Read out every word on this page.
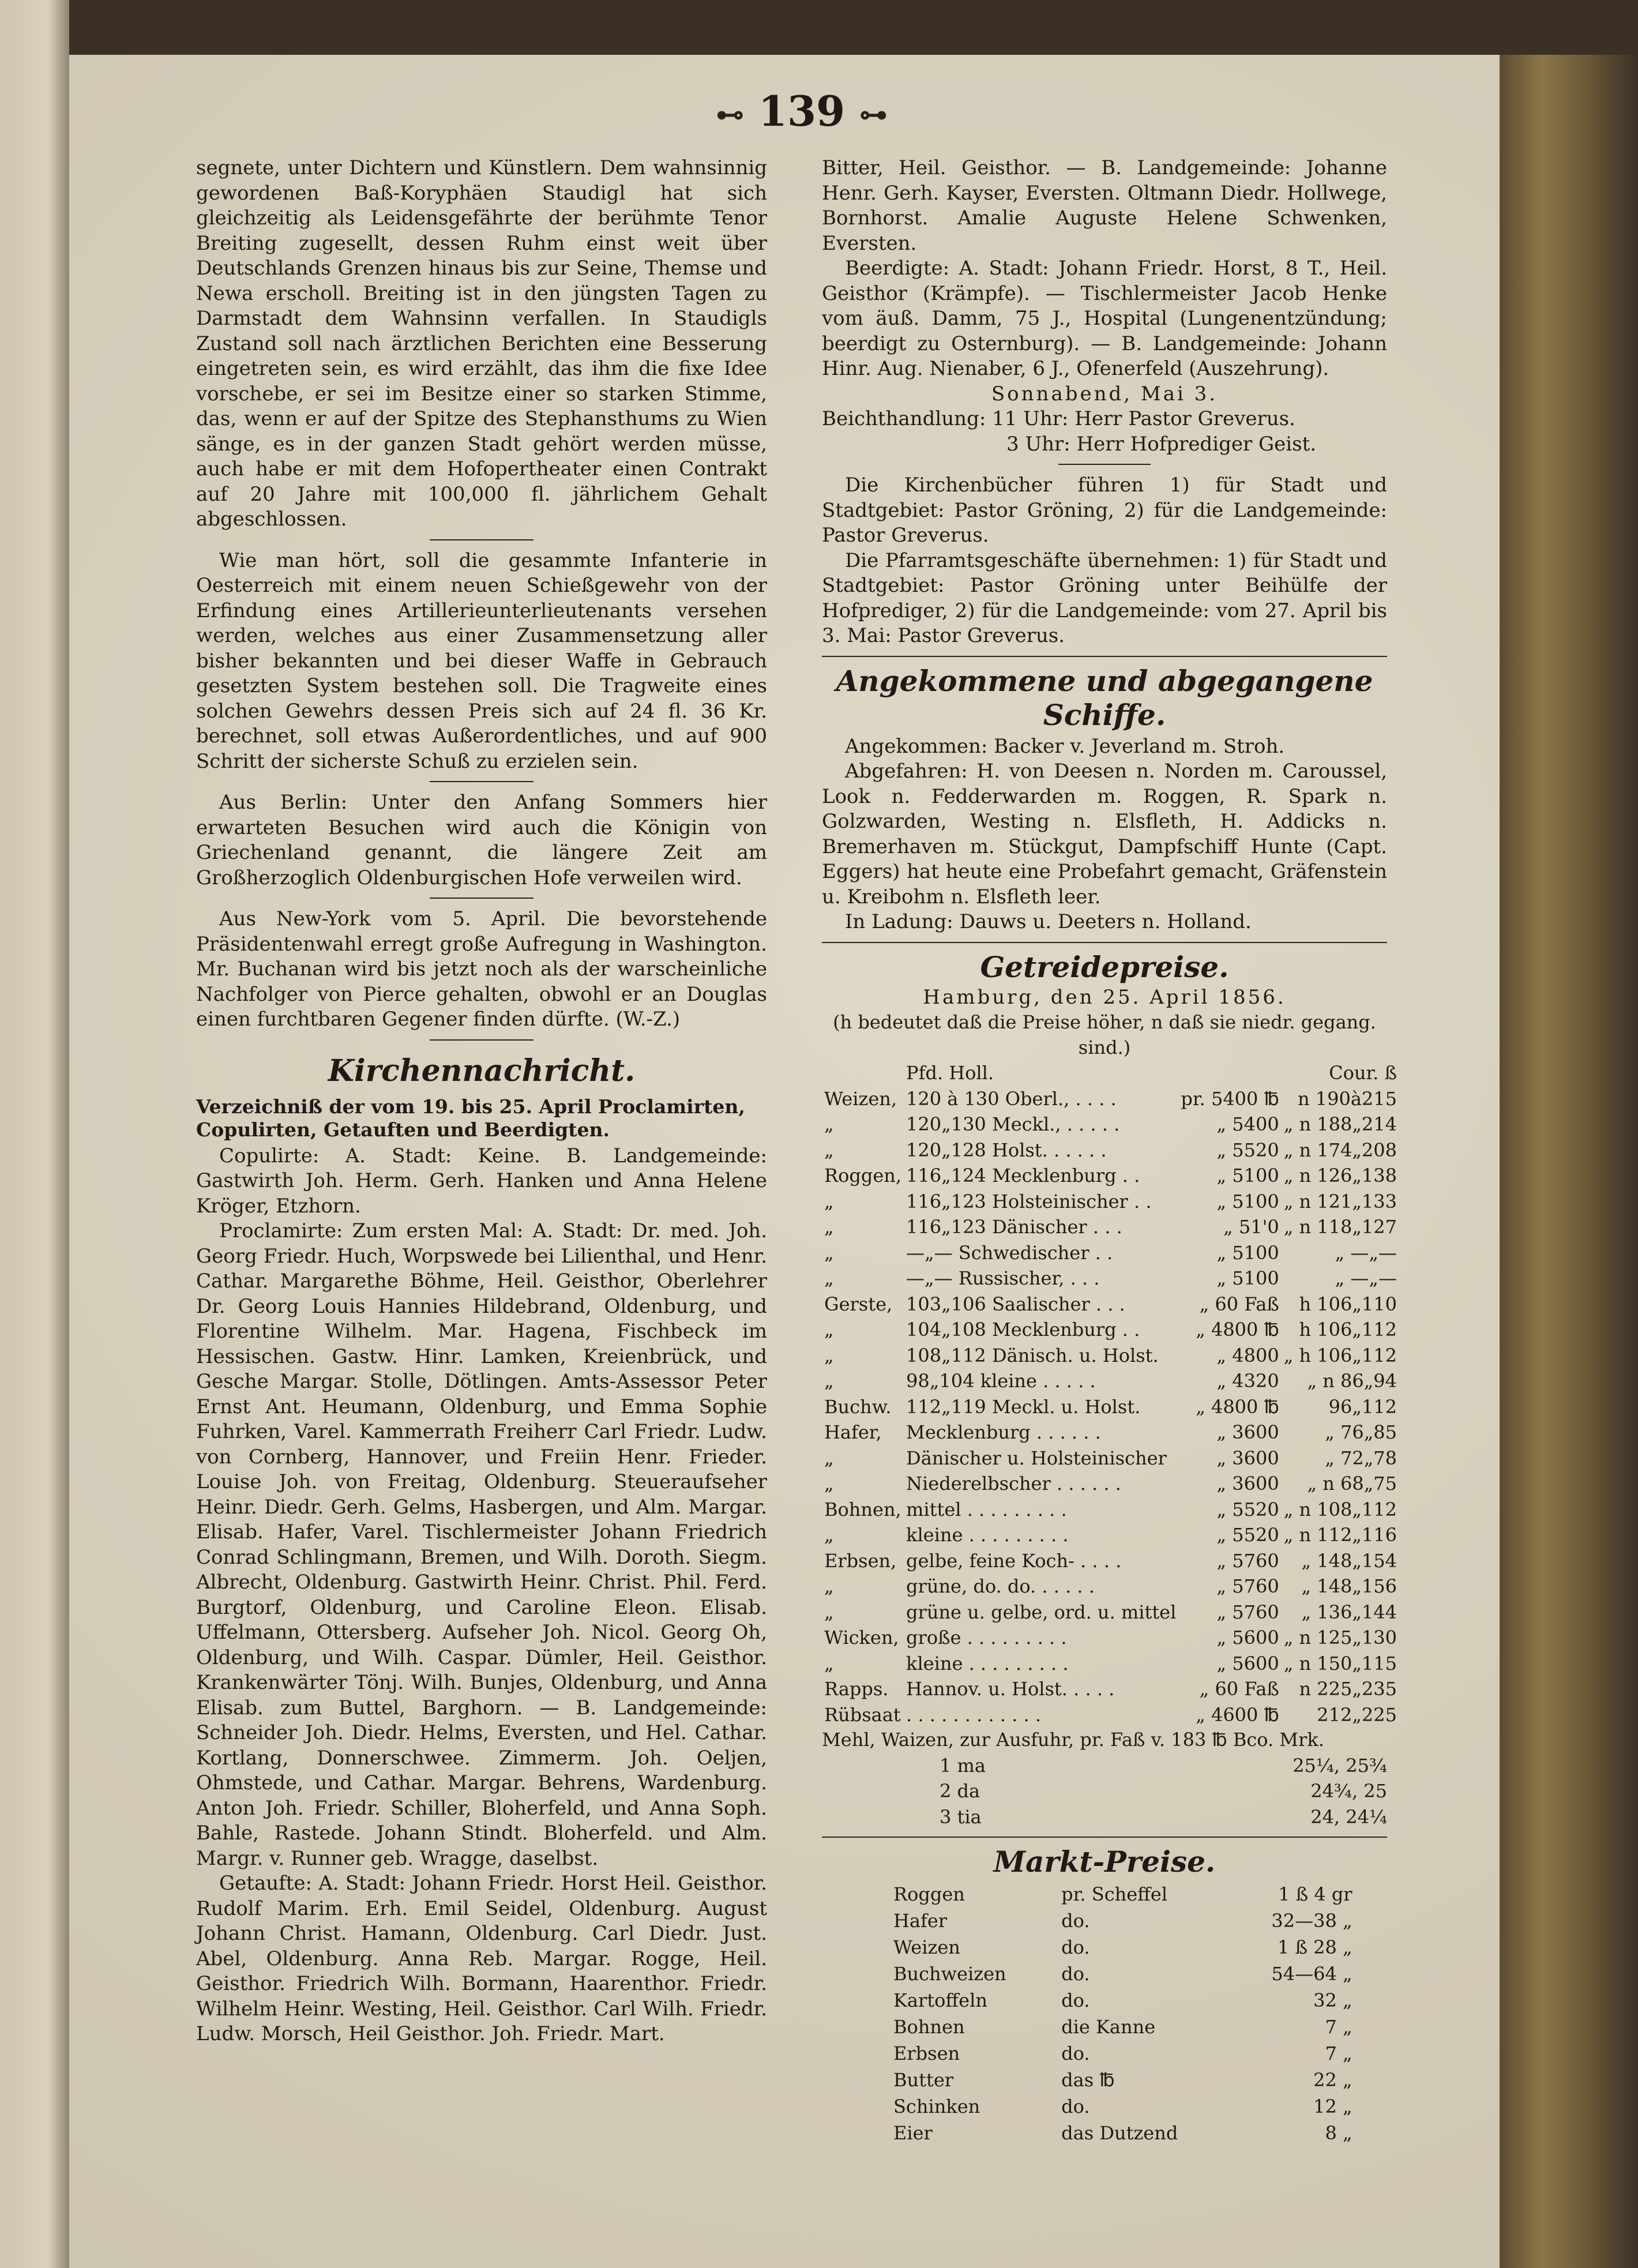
⊷ 139 ⊶

segnete, unter Dichtern und Künstlern. Dem wahnsinnig gewordenen Baß-Koryphäen Staudigl hat sich gleichzeitig als Leidensgefährte der berühmte Tenor Breiting zugesellt, dessen Ruhm einst weit über Deutschlands Grenzen hinaus bis zur Seine, Themse und Newa erscholl. Breiting ist in den jüngsten Tagen zu Darmstadt dem Wahnsinn verfallen. In Staudigls Zustand soll nach ärztlichen Berichten eine Besserung eingetreten sein, es wird erzählt, das ihm die fixe Idee vorschebe, er sei im Besitze einer so starken Stimme, das, wenn er auf der Spitze des Stephansthums zu Wien sänge, es in der ganzen Stadt gehört werden müsse, auch habe er mit dem Hofopertheater einen Contrakt auf 20 Jahre mit 100,000 fl. jährlichem Gehalt abgeschlossen.

Wie man hört, soll die gesammte Infanterie in Oesterreich mit einem neuen Schießgewehr von der Erfindung eines Artillerieunterlieutenants versehen werden, welches aus einer Zusammensetzung aller bisher bekannten und bei dieser Waffe in Gebrauch gesetzten System bestehen soll. Die Tragweite eines solchen Gewehrs dessen Preis sich auf 24 fl. 36 Kr. berechnet, soll etwas Außerordentliches, und auf 900 Schritt der sicherste Schuß zu erzielen sein.

Aus Berlin: Unter den Anfang Sommers hier erwarteten Besuchen wird auch die Königin von Griechenland genannt, die längere Zeit am Großherzoglich Oldenburgischen Hofe verweilen wird.

Aus New-York vom 5. April. Die bevorstehende Präsidentenwahl erregt große Aufregung in Washington. Mr. Buchanan wird bis jetzt noch als der warscheinliche Nachfolger von Pierce gehalten, obwohl er an Douglas einen furchtbaren Gegener finden dürfte. (W.-Z.)

Kirchennachricht.
Verzeichniß der vom 19. bis 25. April Proclamirten, Copulirten, Getauften und Beerdigten.

Copulirte: A. Stadt: Keine. B. Landgemeinde: Gastwirth Joh. Herm. Gerh. Hanken und Anna Helene Kröger, Etzhorn.

Proclamirte: Zum ersten Mal: A. Stadt: Dr. med. Joh. Georg Friedr. Huch, Worpswede bei Lilienthal, und Henr. Cathar. Margarethe Böhme, Heil. Geisthor, Oberlehrer Dr. Georg Louis Hannies Hildebrand, Oldenburg, und Florentine Wilhelm. Mar. Hagena, Fischbeck im Hessischen. Gastw. Hinr. Lamken, Kreienbrück, und Gesche Margar. Stolle, Dötlingen. Amts-Assessor Peter Ernst Ant. Heumann, Oldenburg, und Emma Sophie Fuhrken, Varel. Kammerrath Freiherr Carl Friedr. Ludw. von Cornberg, Hannover, und Freiin Henr. Frieder. Louise Joh. von Freitag, Oldenburg. Steueraufseher Heinr. Diedr. Gerh. Gelms, Hasbergen, und Alm. Margar. Elisab. Hafer, Varel. Tischlermeister Johann Friedrich Conrad Schlingmann, Bremen, und Wilh. Doroth. Siegm. Albrecht, Oldenburg. Gastwirth Heinr. Christ. Phil. Ferd. Burgtorf, Oldenburg, und Caroline Eleon. Elisab. Uffelmann, Ottersberg. Aufseher Joh. Nicol. Georg Oh, Oldenburg, und Wilh. Caspar. Dümler, Heil. Geisthor. Krankenwärter Tönj. Wilh. Bunjes, Oldenburg, und Anna Elisab. zum Buttel, Barghorn. — B. Landgemeinde: Schneider Joh. Diedr. Helms, Eversten, und Hel. Cathar. Kortlang, Donnerschwee. Zimmerm. Joh. Oeljen, Ohmstede, und Cathar. Margar. Behrens, Wardenburg. Anton Joh. Friedr. Schiller, Bloherfeld, und Anna Soph. Bahle, Rastede. Johann Stindt. Bloherfeld. und Alm. Margr. v. Runner geb. Wragge, daselbst.

Getaufte: A. Stadt: Johann Friedr. Horst Heil. Geisthor. Rudolf Marim. Erh. Emil Seidel, Oldenburg. August Johann Christ. Hamann, Oldenburg. Carl Diedr. Just. Abel, Oldenburg. Anna Reb. Margar. Rogge, Heil. Geisthor. Friedrich Wilh. Bormann, Haarenthor. Friedr. Wilhelm Heinr. Westing, Heil. Geisthor. Carl Wilh. Friedr. Ludw. Morsch, Heil Geisthor. Joh. Friedr. Mart.

Bitter, Heil. Geisthor. — B. Landgemeinde: Johanne Henr. Gerh. Kayser, Eversten. Oltmann Diedr. Hollwege, Bornhorst. Amalie Auguste Helene Schwenken, Eversten.

Beerdigte: A. Stadt: Johann Friedr. Horst, 8 T., Heil. Geisthor (Krämpfe). — Tischlermeister Jacob Henke vom äuß. Damm, 75 J., Hospital (Lungenentzündung; beerdigt zu Osternburg). — B. Landgemeinde: Johann Hinr. Aug. Nienaber, 6 J., Ofenerfeld (Auszehrung).

Sonnabend, Mai 3.

Beichthandlung: 11 Uhr: Herr Pastor Greverus.

3 Uhr: Herr Hofprediger Geist.

Die Kirchenbücher führen 1) für Stadt und Stadtgebiet: Pastor Gröning, 2) für die Landgemeinde: Pastor Greverus.

Die Pfarramtsgeschäfte übernehmen: 1) für Stadt und Stadtgebiet: Pastor Gröning unter Beihülfe der Hofprediger, 2) für die Landgemeinde: vom 27. April bis 3. Mai: Pastor Greverus.

Angekommene und abgegangene Schiffe.

Angekommen: Backer v. Jeverland m. Stroh.

Abgefahren: H. von Deesen n. Norden m. Caroussel, Look n. Fedderwarden m. Roggen, R. Spark n. Golzwarden, Westing n. Elsfleth, H. Addicks n. Bremerhaven m. Stückgut, Dampfschiff Hunte (Capt. Eggers) hat heute eine Probefahrt gemacht, Gräfenstein u. Kreibohm n. Elsfleth leer.

In Ladung: Dauws u. Deeters n. Holland.

Getreidepreise.

Hamburg, den 25. April 1856.

(h bedeutet daß die Preise höher, n daß sie niedr. gegang. sind.)

	Pfd. Holl.		Cour. ß
Weizen,	120 à 130 Oberl., . . . .	pr. 5400 ℔	n 190à215
„	120„130 Meckl., . . . . .	„ 5400	„ n 188„214
„	120„128 Holst. . . . . .	„ 5520	„ n 174„208
Roggen,	116„124 Mecklenburg . .	„ 5100	„ n 126„138
„	116„123 Holsteinischer . .	„ 5100	„ n 121„133
„	116„123 Dänischer . . .	„ 51'0	„ n 118„127
„	—„— Schwedischer . .	„ 5100	„ —„—
„	—„— Russischer, . . .	„ 5100	„ —„—
Gerste,	103„106 Saalischer . . .	„ 60 Faß	h 106„110
„	104„108 Mecklenburg . .	„ 4800 ℔	h 106„112
„	108„112 Dänisch. u. Holst.	„ 4800	„ h 106„112
„	98„104 kleine . . . . .	„ 4320	„ n 86„94
Buchw.	112„119 Meckl. u. Holst.	„ 4800 ℔	96„112
Hafer,	Mecklenburg . . . . . .	„ 3600	„ 76„85
„	Dänischer u. Holsteinischer	„ 3600	„ 72„78
„	Niederelbscher . . . . . .	„ 3600	„ n 68„75
Bohnen,	mittel . . . . . . . . .	„ 5520	„ n 108„112
„	kleine . . . . . . . . .	„ 5520	„ n 112„116
Erbsen,	gelbe, feine Koch- . . . .	„ 5760	„ 148„154
„	grüne, do. do. . . . . .	„ 5760	„ 148„156
„	grüne u. gelbe, ord. u. mittel	„ 5760	„ 136„144
Wicken,	große . . . . . . . . .	„ 5600	„ n 125„130
„	kleine . . . . . . . . .	„ 5600	„ n 150„115
Rapps.	Hannov. u. Holst. . . . .	„ 60 Faß	n 225„235
Rübsaat	. . . . . . . . . . . .	„ 4600 ℔	212„225

Mehl, Waizen, zur Ausfuhr, pr. Faß v. 183 ℔ Bco. Mrk.

1 ma	25¼, 25¾
2 da	24¾, 25
3 tia	24, 24¼
Markt-Preise.
Roggen	pr. Scheffel	1 ß 4 gr
Hafer	do.	32—38 „
Weizen	do.	1 ß 28 „
Buchweizen	do.	54—64 „
Kartoffeln	do.	32 „
Bohnen	die Kanne	7 „
Erbsen	do.	7 „
Butter	das ℔	22 „
Schinken	do.	12 „
Eier	das Dutzend	8 „
